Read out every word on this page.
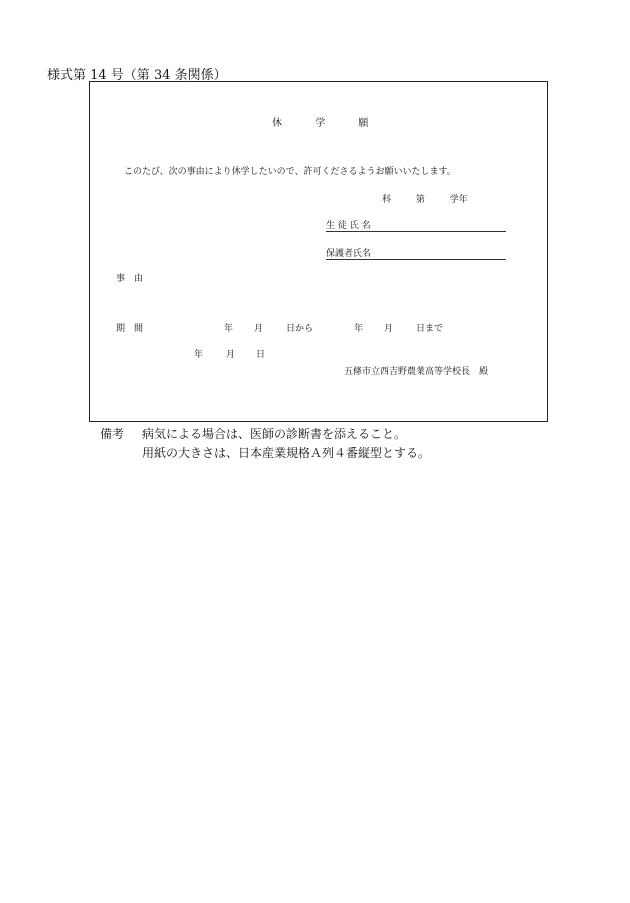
様式第 14 号（第 34 条関係）
休	学	願
このたび、次の事由により休学したいので、許可くださるようお願いいたします。
科	第	学年
生 徒 氏 名
保護者氏名
事　由
期　間	年 月	日から	年 月	日まで
年	月 日
五條市立西吉野農業高等学校長　殿
備考 病気による場合は、医師の診断書を添えること。
用紙の大きさは、日本産業規格Ａ列４番縦型とする。
